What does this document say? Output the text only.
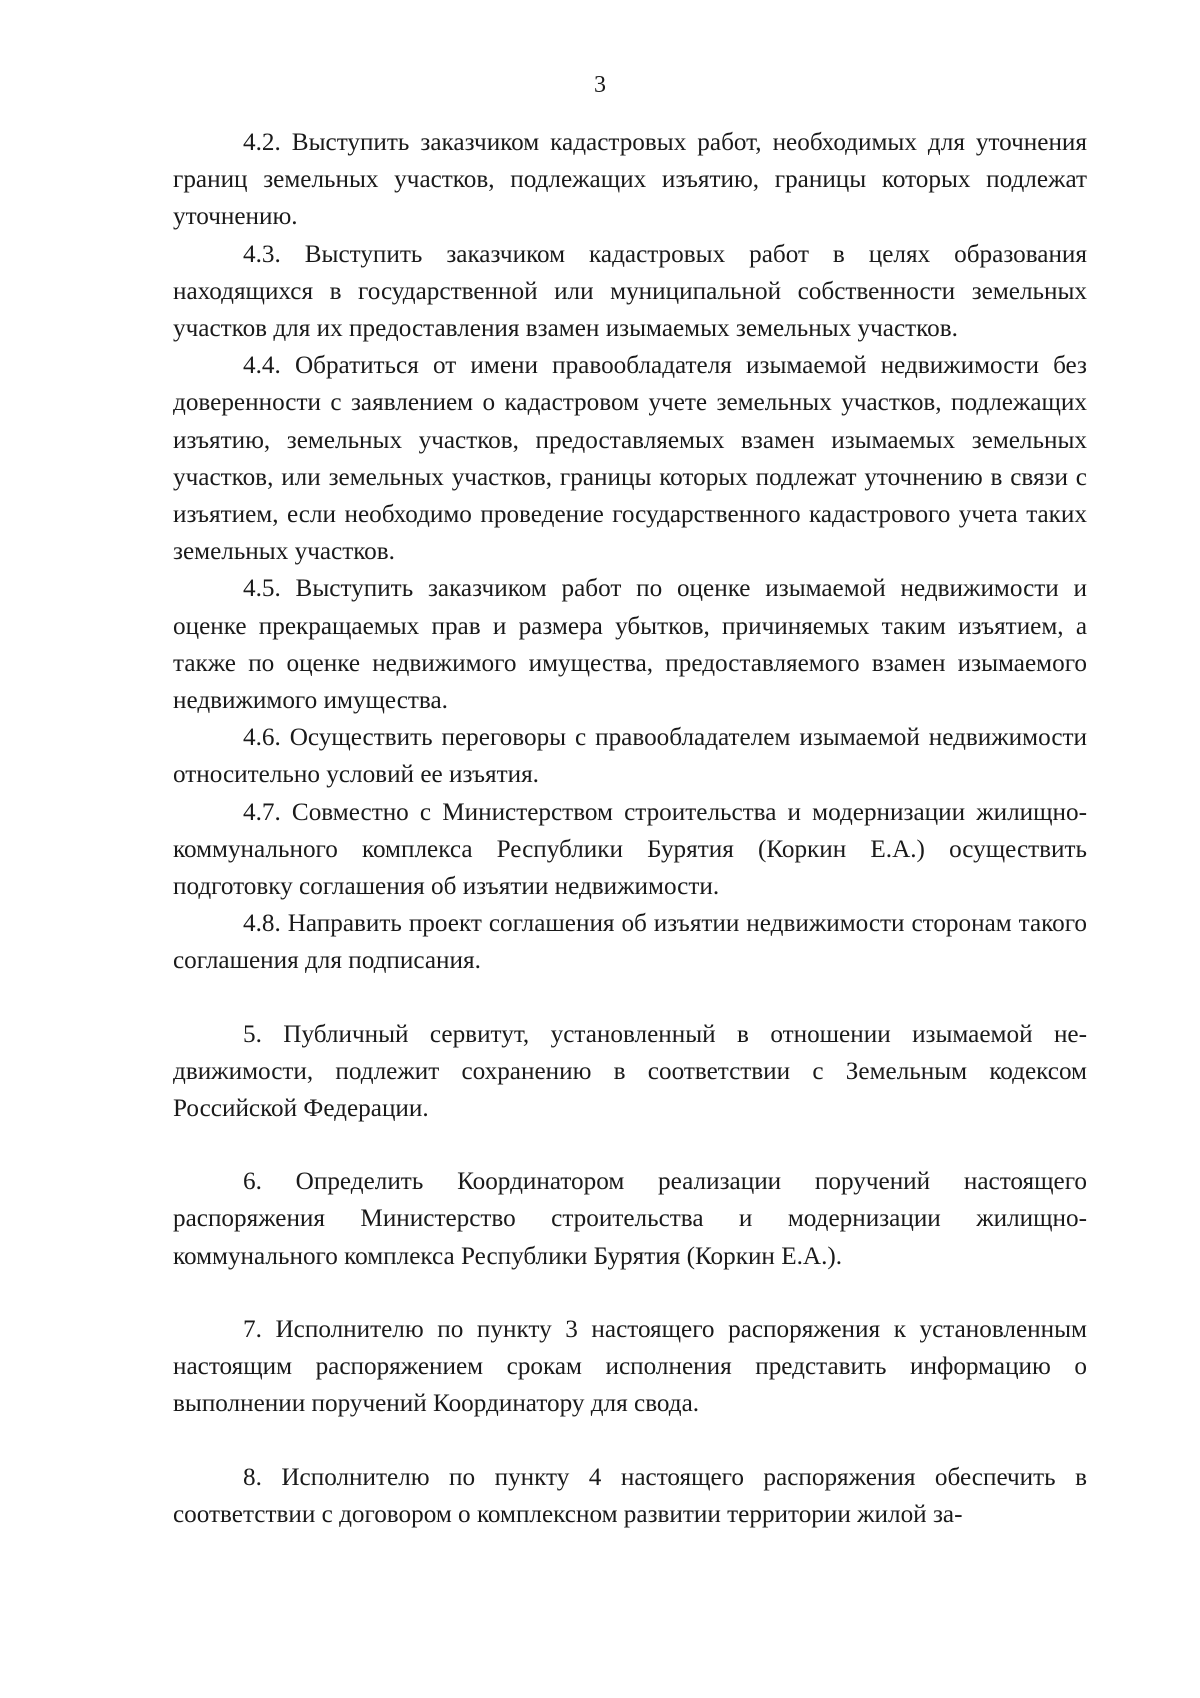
3

4.2. Выступить заказчиком кадастровых работ, необходимых для уточнения границ земельных участков, подлежащих изъятию, границы которых подлежат уточнению.

4.3. Выступить заказчиком кадастровых работ в целях образования находящихся в государственной или муниципальной собственности земельных участков для их предоставления взамен изымаемых земельных участков.

4.4. Обратиться от имени правообладателя изымаемой недвижимости без доверенности с заявлением о кадастровом учете земельных участков, подлежащих изъятию, земельных участков, предоставляемых взамен изымаемых земельных участков, или земельных участков, границы которых подлежат уточнению в связи с изъятием, если необходимо проведение государственного кадастрового учета таких земельных участков.

4.5. Выступить заказчиком работ по оценке изымаемой недвижимости и оценке прекращаемых прав и размера убытков, причиняемых таким изъятием, а также по оценке недвижимого имущества, предоставляемого взамен изымаемого недвижимого имущества.

4.6. Осуществить переговоры с правообладателем изымаемой недвижимости относительно условий ее изъятия.

4.7. Совместно с Министерством строительства и модернизации жилищно-коммунального комплекса Республики Бурятия (Коркин Е.А.) осуществить подготовку соглашения об изъятии недвижимости.

4.8. Направить проект соглашения об изъятии недвижимости сторонам такого соглашения для подписания.

5. Публичный сервитут, установленный в отношении изымаемой недвижимости, подлежит сохранению в соответствии с Земельным кодексом Российской Федерации.

6. Определить Координатором реализации поручений настоящего распоряжения Министерство строительства и модернизации жилищно-коммунального комплекса Республики Бурятия (Коркин Е.А.).

7. Исполнителю по пункту 3 настоящего распоряжения к установленным настоящим распоряжением срокам исполнения представить информацию о выполнении поручений Координатору для свода.

8. Исполнителю по пункту 4 настоящего распоряжения обеспечить в соответствии с договором о комплексном развитии территории жилой за-
